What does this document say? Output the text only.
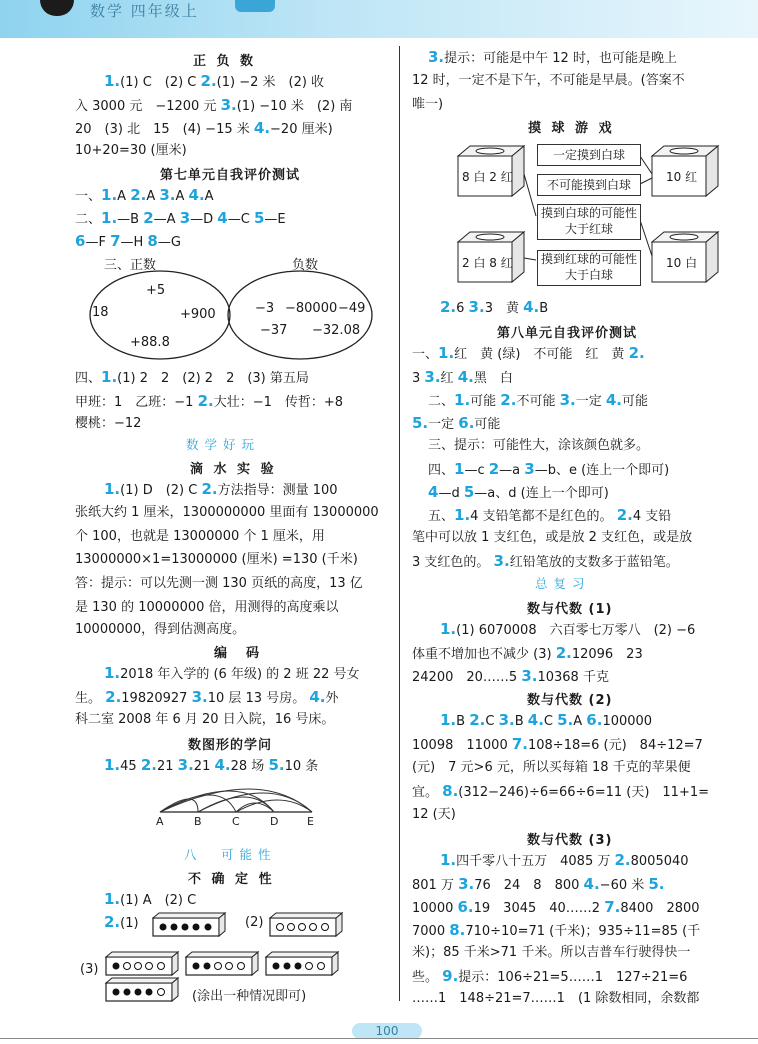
数学 四年级上
正 负 数
1.(1) C　(2) C 2.(1) −2 米　(2) 收
入 3000 元　−1200 元 3.(1) −10 米　(2) 南
20　(3) 北　15　(4) −15 米 4.−20 厘米)
10+20=30 (厘米)
第七单元自我评价测试
一、1.A 2.A 3.A 4.A
二、1.—B 2—A 3—D 4—C 5—E
6—F 7—H 8—G
三、正数	负数
+5
18	+900
+88.8
−3 −80000 −49
−37 −32.08
四、1.(1) 2　2　(2) 2　2　(3) 第五局
甲班：1　乙班：−1 2.大壮：−1　传哲：+8
樱桃：−12
数学好玩
滴 水 实 验
1.(1) D　(2) C 2.方法指导：测量 100
张纸大约 1 厘米，1300000000 里面有 13000000
个 100，也就是 13000000 个 1 厘米，用
13000000×1=13000000 (厘米) =130 (千米)
答：提示：可以先测一测 130 页纸的高度，13 亿
是 130 的 10000000 倍，用测得的高度乘以
10000000，得到估测高度。
编　码
1.2018 年入学的 (6 年级) 的 2 班 22 号女
生。 2.19820927 3.10 层 13 号房。 4.外
科二室 2008 年 6 月 20 日入院，16 号床。
数图形的学问
1.45 2.21 3.21 4.28 场 5.10 条
A	B	C	D	E
八　可能性
不 确 定 性
1.(1) A　(2) C
2.(1)	(2)
(3)
(涂出一种情况即可)
3.提示：可能是中午 12 时，也可能是晚上
12 时，一定不是下午，不可能是早晨。(答案不
唯一)
摸 球 游 戏
一定摸到白球
不可能摸到白球
摸到白球的可能性
大于红球
摸到红球的可能性
大于白球
8 白 2 红
2 白 8 红
10 红
10 白
2.6 3.3　黄 4.B
第八单元自我评价测试
一、1.红　黄 (绿)　不可能　红　黄 2.
3 3.红 4.黑　白
二、1.可能 2.不可能 3.一定 4.可能
5.一定 6.可能
三、提示：可能性大，涂该颜色就多。
四、1—c 2—a 3—b、e (连上一个即可)
4—d 5—a、d (连上一个即可)
五、1.4 支铅笔都不是红色的。 2.4 支铅
笔中可以放 1 支红色，或是放 2 支红色，或是放
3 支红色的。 3.红铅笔放的支数多于蓝铅笔。
总复习
数与代数 (1)
1.(1) 6070008　六百零七万零八　(2) −6
体重不增加也不减少 (3) 2.12096　23
24200　20……5 3.10368 千克
数与代数 (2)
1.B 2.C 3.B 4.C 5.A 6.100000
10098　11000 7.108÷18=6 (元)　84÷12=7
(元)　7 元>6 元，所以买每箱 18 千克的苹果便
宜。 8.(312−246)÷6=66÷6=11 (天)　11+1=
12 (天)
数与代数 (3)
1.四千零八十五万　4085 万 2.8005040
801 万 3.76　24　8　800 4.−60 米 5.
10000 6.19　3045　40……2 7.8400　2800
7000 8.710÷10=71 (千米)；935÷11=85 (千
米)；85 千米>71 千米。所以吉普车行驶得快一
些。 9.提示：106÷21=5……1　127÷21=6
……1　148÷21=7……1　(1 除数相同，余数都
100
